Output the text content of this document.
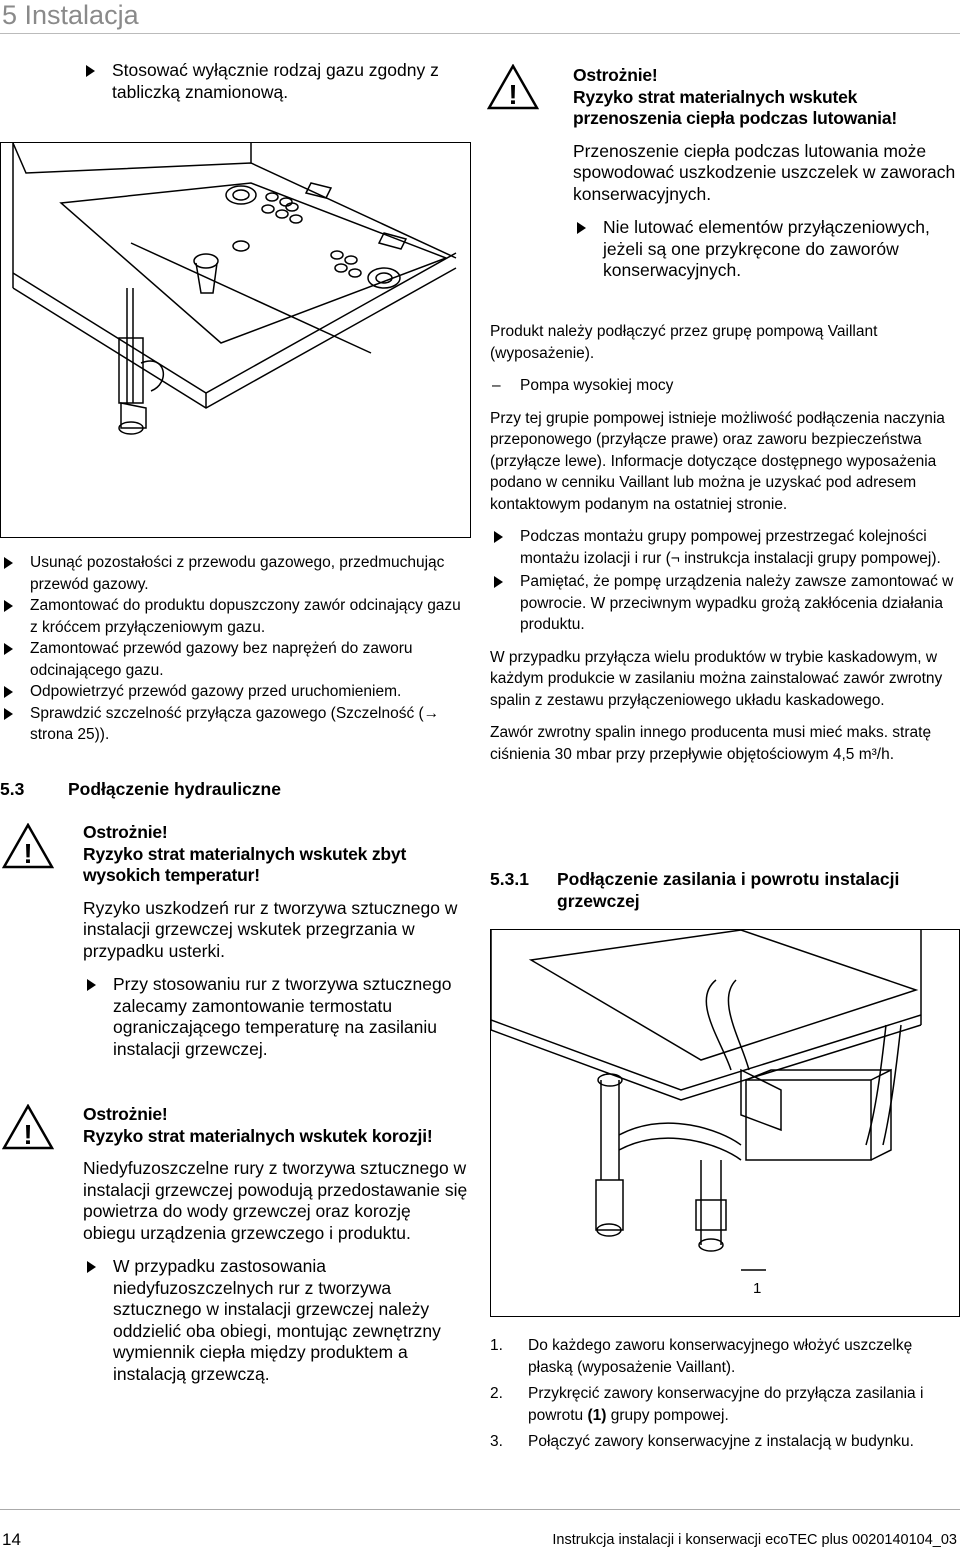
5 Instalacja
Stosować wyłącznie rodzaj gazu zgodny z tabliczką znamionową.	!
Ostrożnie!
Ryzyko strat materialnych wskutek przenoszenia ciepła podczas lutowania!
Przenoszenie ciepła podczas lutowania może spowodować uszkodzenie uszczelek w zaworach konserwacyjnych.
Nie lutować elementów przyłączeniowych, jeżeli są one przykręcone do zaworów konserwacyjnych.
Produkt należy podłączyć przez grupę pompową Vaillant (wyposażenie).
– Pompa wysokiej mocy
Przy tej grupie pompowej istnieje możliwość podłączenia naczynia przeponowego (przyłącze prawe) oraz zaworu bezpieczeństwa (przyłącze lewe). Informacje dotyczące dostępnego wyposażenia podano w cenniku Vaillant lub można je uzyskać pod adresem kontaktowym podanym na ostatniej stronie.
Podczas montażu grupy pompowej przestrzegać kolejności montażu izolacji i rur (¬ instrukcja instalacji grupy pompowej).
Pamiętać, że pompę urządzenia należy zawsze zamontować w powrocie. W przeciwnym wypadku grożą zakłócenia działania produktu.
W przypadku przyłącza wielu produktów w trybie kaskadowym, w każdym produkcie w zasilaniu można zainstalować zawór zwrotny spalin z zestawu przyłączeniowego układu kaskadowego.
Zawór zwrotny spalin innego producenta musi mieć maks. stratę ciśnienia 30 mbar przy przepływie objętościowym 4,5 m³/h.
5.3.1 Podłączenie zasilania i powrotu instalacji grzewczej
1
1. Do każdego zaworu konserwacyjnego włożyć uszczelkę płaską (wyposażenie Vaillant).
2. Przykręcić zawory konserwacyjne do przyłącza zasilania i powrotu (1) grupy pompowej.
3. Połączyć zawory konserwacyjne z instalacją w budynku.
Usunąć pozostałości z przewodu gazowego, przedmuchując przewód gazowy.
Zamontować do produktu dopuszczony zawór odcinający gazu z króćcem przyłączeniowym gazu.
Zamontować przewód gazowy bez naprężeń do zaworu odcinającego gazu.
Odpowietrzyć przewód gazowy przed uruchomieniem.
Sprawdzić szczelność przyłącza gazowego (Szczelność (→ strona 25)).
5.3 Podłączenie hydrauliczne
!
Ostrożnie!
Ryzyko strat materialnych wskutek zbyt wysokich temperatur!
Ryzyko uszkodzeń rur z tworzywa sztucznego w instalacji grzewczej wskutek przegrzania w przypadku usterki.
Przy stosowaniu rur z tworzywa sztucznego zalecamy zamontowanie termostatu ograniczającego temperaturę na zasilaniu instalacji grzewczej.
!
Ostrożnie!
Ryzyko strat materialnych wskutek korozji!
Niedyfuzoszczelne rury z tworzywa sztucznego w instalacji grzewczej powodują przedostawanie się powietrza do wody grzewczej oraz korozję obiegu urządzenia grzewczego i produktu.
W przypadku zastosowania niedyfuzoszczelnych rur z tworzywa sztucznego w instalacji grzewczej należy oddzielić oba obiegi, montując zewnętrzny wymiennik ciepła między produktem a instalacją grzewczą.
14	Instrukcja instalacji i konserwacji ecoTEC plus 0020140104_03
